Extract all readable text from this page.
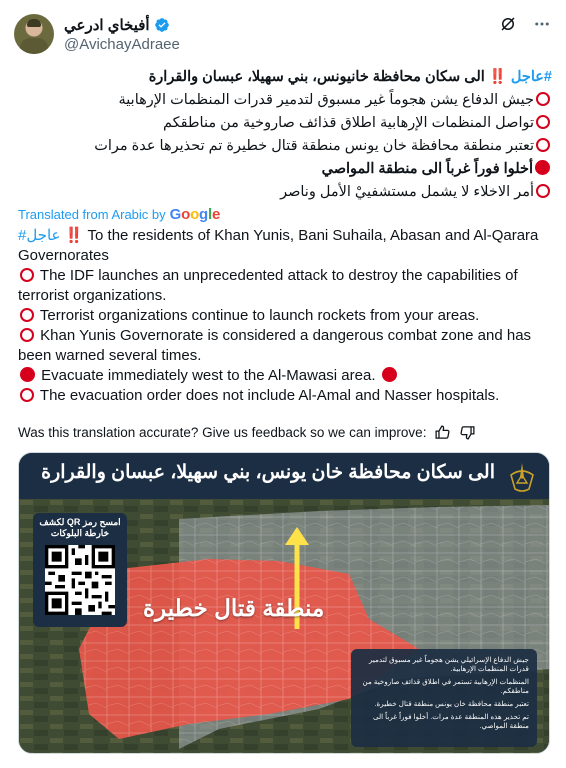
أفيخاي ادرعي
@AvichayAdraee
#عاجل ‼️ الى سكان محافظة خانيونس، بني سهيلا، عبسان والقرارة
جيش الدفاع يشن هجوماً غير مسبوق لتدمير قدرات المنظمات الإرهابية
تواصل المنظمات الإرهابية اطلاق قذائف صاروخية من مناطقكم
تعتبر منطقة محافظة خان يونس منطقة قتال خطيرة تم تحذيرها عدة مرات
أخلوا فوراً غرباً الى منطقة المواصي
أمر الاخلاء لا يشمل مستشفييْ الأمل وناصر
Translated from Arabic by Google

#عاجل ‼️ To the residents of Khan Yunis, Bani Suhaila, Abasan and Al-Qarara Governorates

The IDF launches an unprecedented attack to destroy the capabilities of terrorist organizations.

Terrorist organizations continue to launch rockets from your areas.

Khan Yunis Governorate is considered a dangerous combat zone and has been warned several times.

Evacuate immediately west to the Al-Mawasi area.

The evacuation order does not include Al-Amal and Nasser hospitals.

Was this translation accurate? Give us feedback so we can improve:
الى سكان محافظة خان يونس، بني سهيلا، عبسان والقرارة
امسح رمز QR لكشف خارطة البلوكات
منطقة قتال خطيرة

جيش الدفاع الإسرائيلي يشن هجوماً غير مسبوق لتدمير قدرات المنظمات الإرهابية.

المنظمات الإرهابية تستمر في اطلاق قذائف صاروخية من مناطقكم.

تعتبر منطقة محافظة خان يونس منطقة قتال خطيرة.

تم تحذير هذه المنطقة عدة مرات. أخلوا فوراً غرباً الى منطقة المواصي.
